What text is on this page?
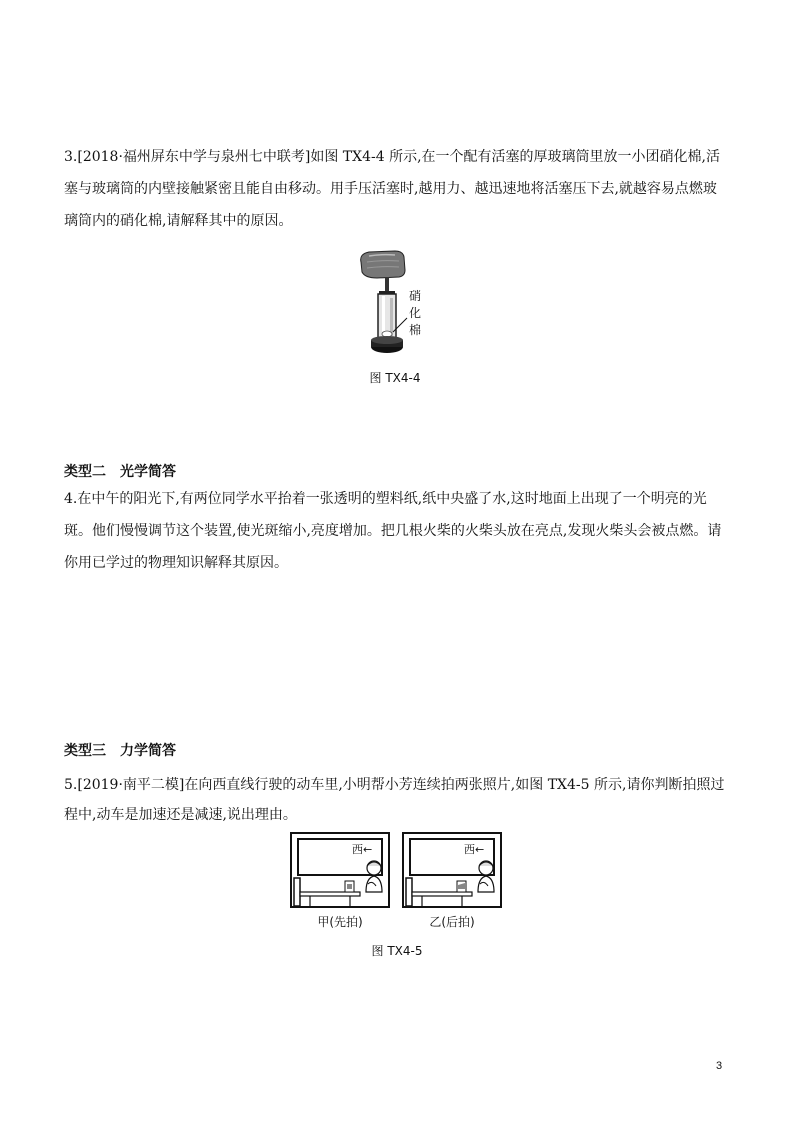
3.[2018·福州屏东中学与泉州七中联考]如图 TX4-4 所示,在一个配有活塞的厚玻璃筒里放一小团硝化棉,活

塞与玻璃筒的内壁接触紧密且能自由移动。用手压活塞时,越用力、越迅速地将活塞压下去,就越容易点燃玻

璃筒内的硝化棉,请解释其中的原因。

硝
化
棉
图 TX4-4
类型二　光学简答

4.在中午的阳光下,有两位同学水平抬着一张透明的塑料纸,纸中央盛了水,这时地面上出现了一个明亮的光

斑。他们慢慢调节这个装置,使光斑缩小,亮度增加。把几根火柴的火柴头放在亮点,发现火柴头会被点燃。请

你用已学过的物理知识解释其原因。

类型三　力学简答

5.[2019·南平二模]在向西直线行驶的动车里,小明帮小芳连续拍两张照片,如图 TX4-5 所示,请你判断拍照过

程中,动车是加速还是减速,说出理由。

西←
甲(先拍)
西←
乙(后拍)
图 TX4-5
3
